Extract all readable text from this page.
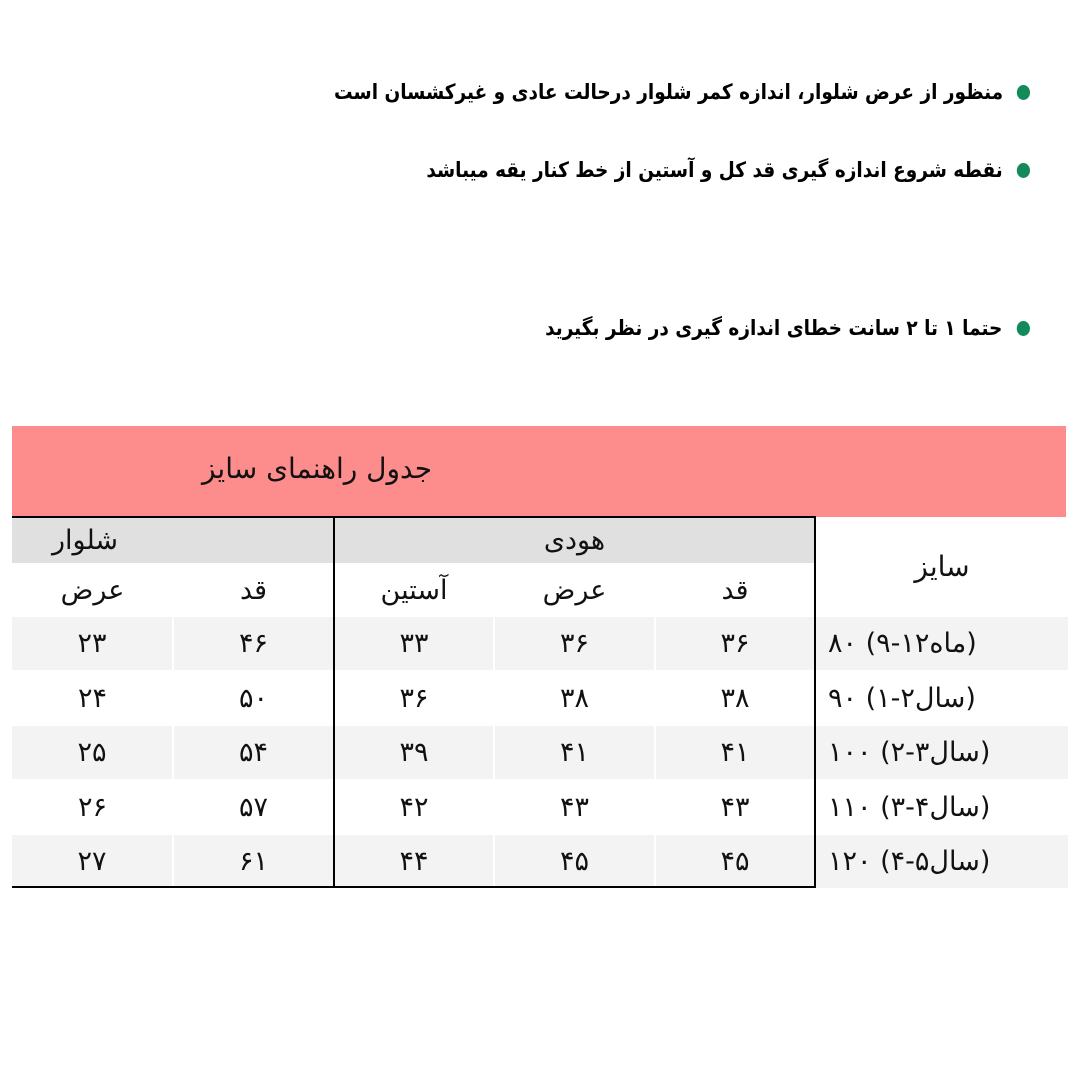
منظور از عرض شلوار، اندازه کمر شلوار درحالت عادی و غیرکشسان است
نقطه شروع اندازه گیری قد کل و آستین از خط کنار یقه میباشد
حتما ۱ تا ۲ سانت خطای اندازه گیری در نظر بگیرید
جدول راهنمای سایز
سایز
شلوار	هودی
عرض	قد	آستین	عرض	قد
۲۳	۴۶	۳۳	۳۶	۳۶	۸۰ (۹-۱۲ماه)
۲۴	۵۰	۳۶	۳۸	۳۸	۹۰ (۱-۲سال)
۲۵	۵۴	۳۹	۴۱	۴۱	۱۰۰ (۲-۳سال)
۲۶	۵۷	۴۲	۴۳	۴۳	۱۱۰ (۳-۴سال)
۲۷	۶۱	۴۴	۴۵	۴۵	۱۲۰ (۴-۵سال)
